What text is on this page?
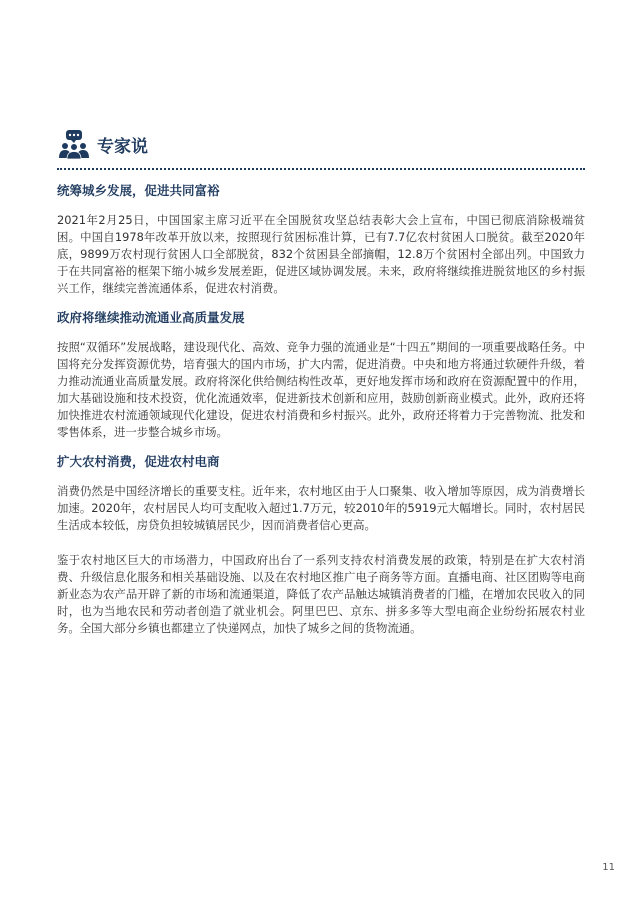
专家说
统筹城乡发展，促进共同富裕

2021年2月25日，中国国家主席习近平在全国脱贫攻坚总结表彰大会上宣布，中国已彻底消除极端贫困。中国自1978年改革开放以来，按照现行贫困标准计算，已有7.7亿农村贫困人口脱贫。截至2020年底，9899万农村现行贫困人口全部脱贫，832个贫困县全部摘帽，12.8万个贫困村全部出列。中国致力于在共同富裕的框架下缩小城乡发展差距，促进区域协调发展。未来，政府将继续推进脱贫地区的乡村振兴工作，继续完善流通体系，促进农村消费。

政府将继续推动流通业高质量发展

按照“双循环”发展战略，建设现代化、高效、竞争力强的流通业是“十四五”期间的一项重要战略任务。中国将充分发挥资源优势，培育强大的国内市场，扩大内需，促进消费。中央和地方将通过软硬件升级，着力推动流通业高质量发展。政府将深化供给侧结构性改革，更好地发挥市场和政府在资源配置中的作用，加大基础设施和技术投资，优化流通效率，促进新技术创新和应用，鼓励创新商业模式。此外，政府还将加快推进农村流通领域现代化建设，促进农村消费和乡村振兴。此外，政府还将着力于完善物流、批发和零售体系，进一步整合城乡市场。

扩大农村消费，促进农村电商

消费仍然是中国经济增长的重要支柱。近年来，农村地区由于人口聚集、收入增加等原因，成为消费增长加速。2020年，农村居民人均可支配收入超过1.7万元，较2010年的5919元大幅增长。同时，农村居民生活成本较低，房贷负担较城镇居民少，因而消费者信心更高。

鉴于农村地区巨大的市场潜力，中国政府出台了一系列支持农村消费发展的政策，特别是在扩大农村消费、升级信息化服务和相关基础设施、以及在农村地区推广电子商务等方面。直播电商、社区团购等电商新业态为农产品开辟了新的市场和流通渠道，降低了农产品触达城镇消费者的门槛，在增加农民收入的同时，也为当地农民和劳动者创造了就业机会。阿里巴巴、京东、拼多多等大型电商企业纷纷拓展农村业务。全国大部分乡镇也都建立了快递网点，加快了城乡之间的货物流通。

11
